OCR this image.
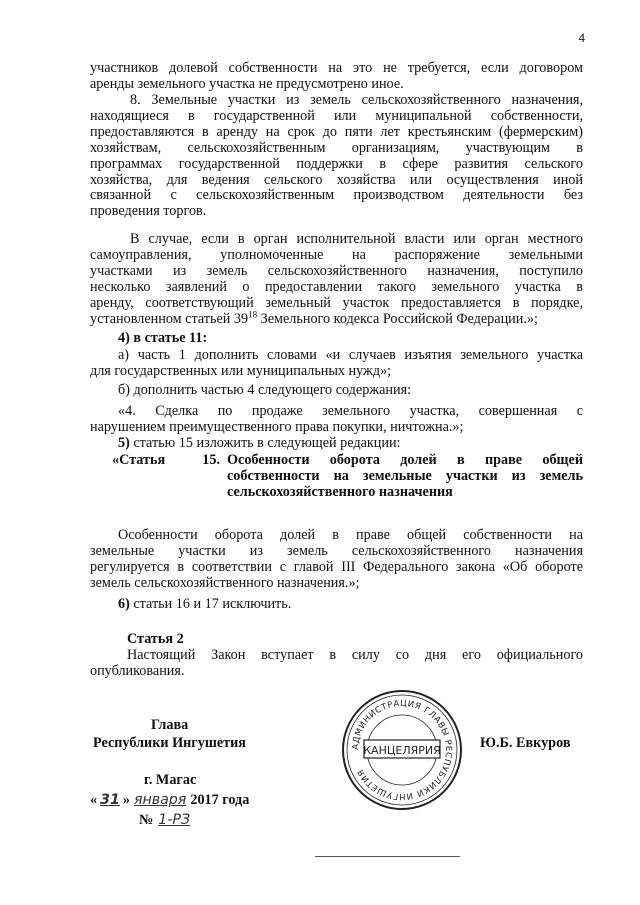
4
участников долевой собственности на это не требуется, если договором
аренды земельного участка не предусмотрено иное.
8. Земельные участки из земель сельскохозяйственного назначения,
находящиеся в государственной или муниципальной собственности,
предоставляются в аренду на срок до пяти лет крестьянским (фермерским)
хозяйствам, сельскохозяйственным организациям, участвующим в
программах государственной поддержки в сфере развития сельского
хозяйства, для ведения сельского хозяйства или осуществления иной
связанной с сельскохозяйственным производством деятельности без
проведения торгов.
В случае, если в орган исполнительной власти или орган местного
самоуправления, уполномоченные на распоряжение земельными
участками из земель сельскохозяйственного назначения, поступило
несколько заявлений о предоставлении такого земельного участка в
аренду, соответствующий земельный участок предоставляется в порядке,
установленном статьей $39^{18}$ Земельного кодекса Российской Федерации.»;
4) в статье 11:
а) часть 1 дополнить словами «и случаев изъятия земельного участка
для государственных или муниципальных нужд»;
б) дополнить частью 4 следующего содержания:
«4. Сделка по продаже земельного участка, совершенная с
нарушением преимущественного права покупки, ничтожна.»;
5) статью 15 изложить в следующей редакции:
«Статья	15. Особенности оборота долей в праве общей
собственности на земельные участки из земель
сельскохозяйственного назначения
Особенности оборота долей в праве общей собственности на
земельные участки из земель сельскохозяйственного назначения
регулируется в соответствии с главой III Федерального закона «Об обороте
земель сельскохозяйственного назначения.»;
6) статьи 16 и 17 исключить.
Статья 2
Настоящий Закон вступает в силу со дня его официального
опубликования.
Глава
Республики Ингушетия	Ю.Б. Евкуров
АДМИНИСТРАЦИЯ ГЛАВЫ РЕСПУБЛИКИ ИНГУШЕТИЯ
КАНЦЕЛЯРИЯ
г. Магас
« 31 » января 2017 года
№ 1-РЗ
